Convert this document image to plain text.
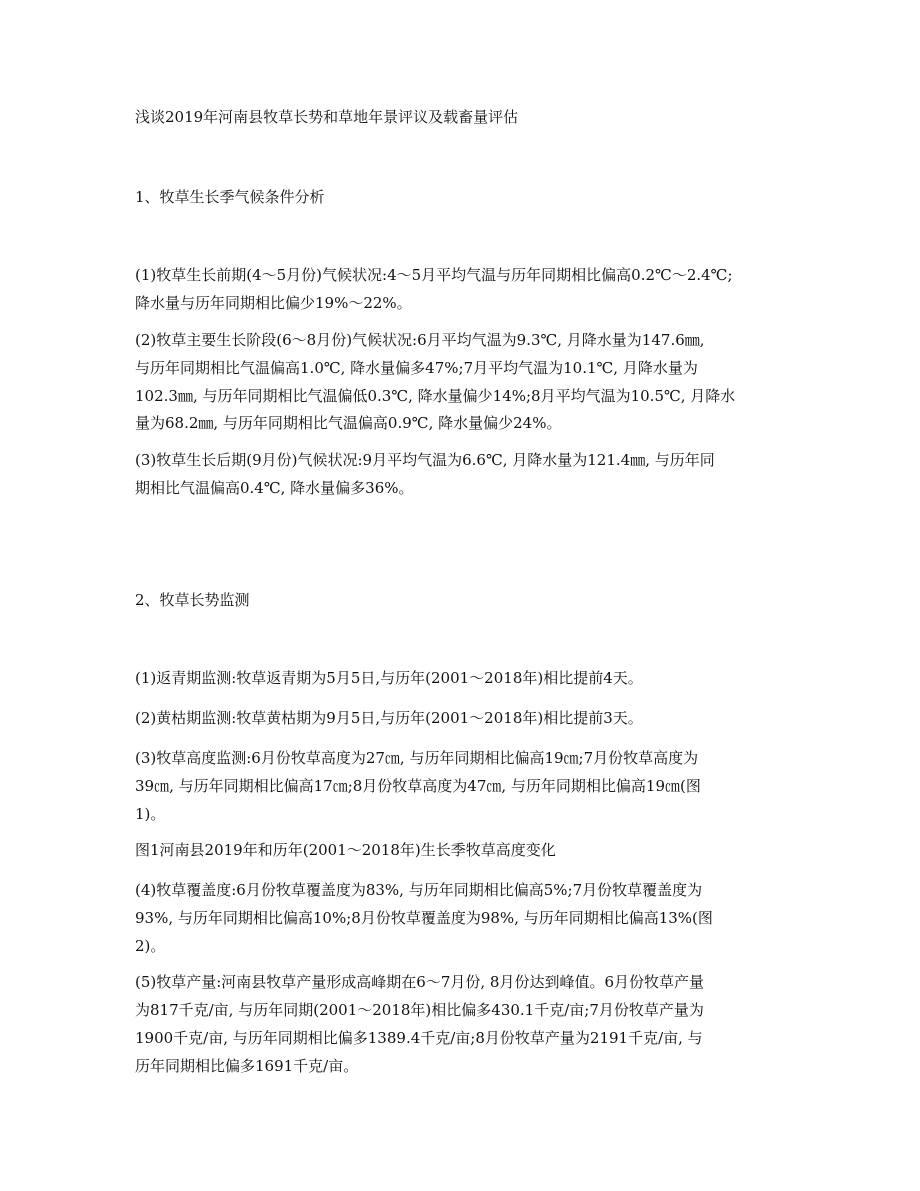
浅谈2019年河南县牧草长势和草地年景评议及载畜量评估
1、牧草生长季气候条件分析
(1)牧草生长前期(4～5月份)气候状况:4～5月平均气温与历年同期相比偏高0.2℃～2.4℃;
降水量与历年同期相比偏少19%～22%。
(2)牧草主要生长阶段(6～8月份)气候状况:6月平均气温为9.3℃, 月降水量为147.6㎜,
与历年同期相比气温偏高1.0℃, 降水量偏多47%;7月平均气温为10.1℃, 月降水量为
102.3㎜, 与历年同期相比气温偏低0.3℃, 降水量偏少14%;8月平均气温为10.5℃, 月降水
量为68.2㎜, 与历年同期相比气温偏高0.9℃, 降水量偏少24%。
(3)牧草生长后期(9月份)气候状况:9月平均气温为6.6℃, 月降水量为121.4㎜, 与历年同
期相比气温偏高0.4℃, 降水量偏多36%。
2、牧草长势监测
(1)返青期监测:牧草返青期为5月5日,与历年(2001～2018年)相比提前4天。
(2)黄枯期监测:牧草黄枯期为9月5日,与历年(2001～2018年)相比提前3天。
(3)牧草高度监测:6月份牧草高度为27㎝, 与历年同期相比偏高19㎝;7月份牧草高度为
39㎝, 与历年同期相比偏高17㎝;8月份牧草高度为47㎝, 与历年同期相比偏高19㎝(图
1)。
图1河南县2019年和历年(2001～2018年)生长季牧草高度变化
(4)牧草覆盖度:6月份牧草覆盖度为83%, 与历年同期相比偏高5%;7月份牧草覆盖度为
93%, 与历年同期相比偏高10%;8月份牧草覆盖度为98%, 与历年同期相比偏高13%(图
2)。
(5)牧草产量:河南县牧草产量形成高峰期在6～7月份, 8月份达到峰值。6月份牧草产量
为817千克/亩, 与历年同期(2001～2018年)相比偏多430.1千克/亩;7月份牧草产量为
1900千克/亩, 与历年同期相比偏多1389.4千克/亩;8月份牧草产量为2191千克/亩, 与
历年同期相比偏多1691千克/亩。
